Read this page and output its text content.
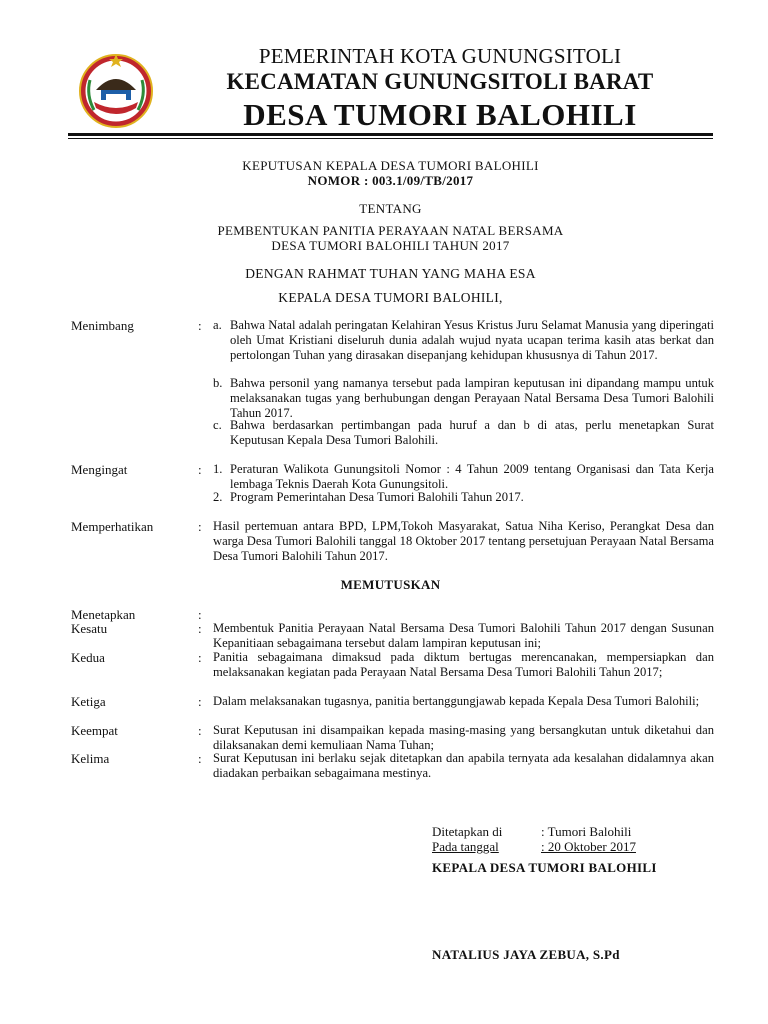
PEMERINTAH KOTA GUNUNGSITOLI
KECAMATAN GUNUNGSITOLI BARAT
DESA TUMORI BALOHILI
KEPUTUSAN KEPALA DESA TUMORI BALOHILI
NOMOR : 003.1/09/TB/2017
TENTANG
PEMBENTUKAN PANITIA PERAYAAN NATAL BERSAMA
DESA TUMORI BALOHILI TAHUN 2017
DENGAN RAHMAT TUHAN YANG MAHA ESA
KEPALA DESA TUMORI BALOHILI,
Menimbang	: a. Bahwa Natal adalah peringatan Kelahiran Yesus Kristus Juru Selamat Manusia yang diperingati oleh Umat Kristiani diseluruh dunia adalah wujud nyata ucapan terima kasih atas berkat dan pertolongan Tuhan yang dirasakan disepanjang kehidupan khususnya di Tahun 2017.
b. Bahwa personil yang namanya tersebut pada lampiran keputusan ini dipandang mampu untuk melaksanakan tugas yang berhubungan dengan Perayaan Natal Bersama Desa Tumori Balohili Tahun 2017.
c. Bahwa berdasarkan pertimbangan pada huruf a dan b di atas, perlu menetapkan Surat Keputusan Kepala Desa Tumori Balohili.
Mengingat	: 1. Peraturan Walikota Gunungsitoli Nomor : 4 Tahun 2009 tentang Organisasi dan Tata Kerja lembaga Teknis Daerah Kota Gunungsitoli.
2. Program Pemerintahan Desa Tumori Balohili Tahun 2017.
Memperhatikan	: Hasil pertemuan antara BPD, LPM,Tokoh Masyarakat, Satua Niha Keriso, Perangkat Desa dan warga Desa Tumori Balohili tanggal 18 Oktober 2017 tentang persetujuan Perayaan Natal Bersama Desa Tumori Balohili Tahun 2017.
MEMUTUSKAN
Menetapkan	:
Kesatu	: Membentuk Panitia Perayaan Natal Bersama Desa Tumori Balohili Tahun 2017 dengan Susunan Kepanitiaan sebagaimana tersebut dalam lampiran keputusan ini;
Kedua	: Panitia sebagaimana dimaksud pada diktum bertugas merencanakan, mempersiapkan dan melaksanakan kegiatan pada Perayaan Natal Bersama Desa Tumori Balohili Tahun 2017;
Ketiga	: Dalam melaksanakan tugasnya, panitia bertanggungjawab kepada Kepala Desa Tumori Balohili;
Keempat	: Surat Keputusan ini disampaikan kepada masing-masing yang bersangkutan untuk diketahui dan dilaksanakan demi kemuliaan Nama Tuhan;
Kelima	: Surat Keputusan ini berlaku sejak ditetapkan dan apabila ternyata ada kesalahan didalamnya akan diadakan perbaikan sebagaimana mestinya.
Ditetapkan di	: Tumori Balohili
Pada tanggal	: 20 Oktober 2017
KEPALA DESA TUMORI BALOHILI
NATALIUS JAYA ZEBUA, S.Pd
